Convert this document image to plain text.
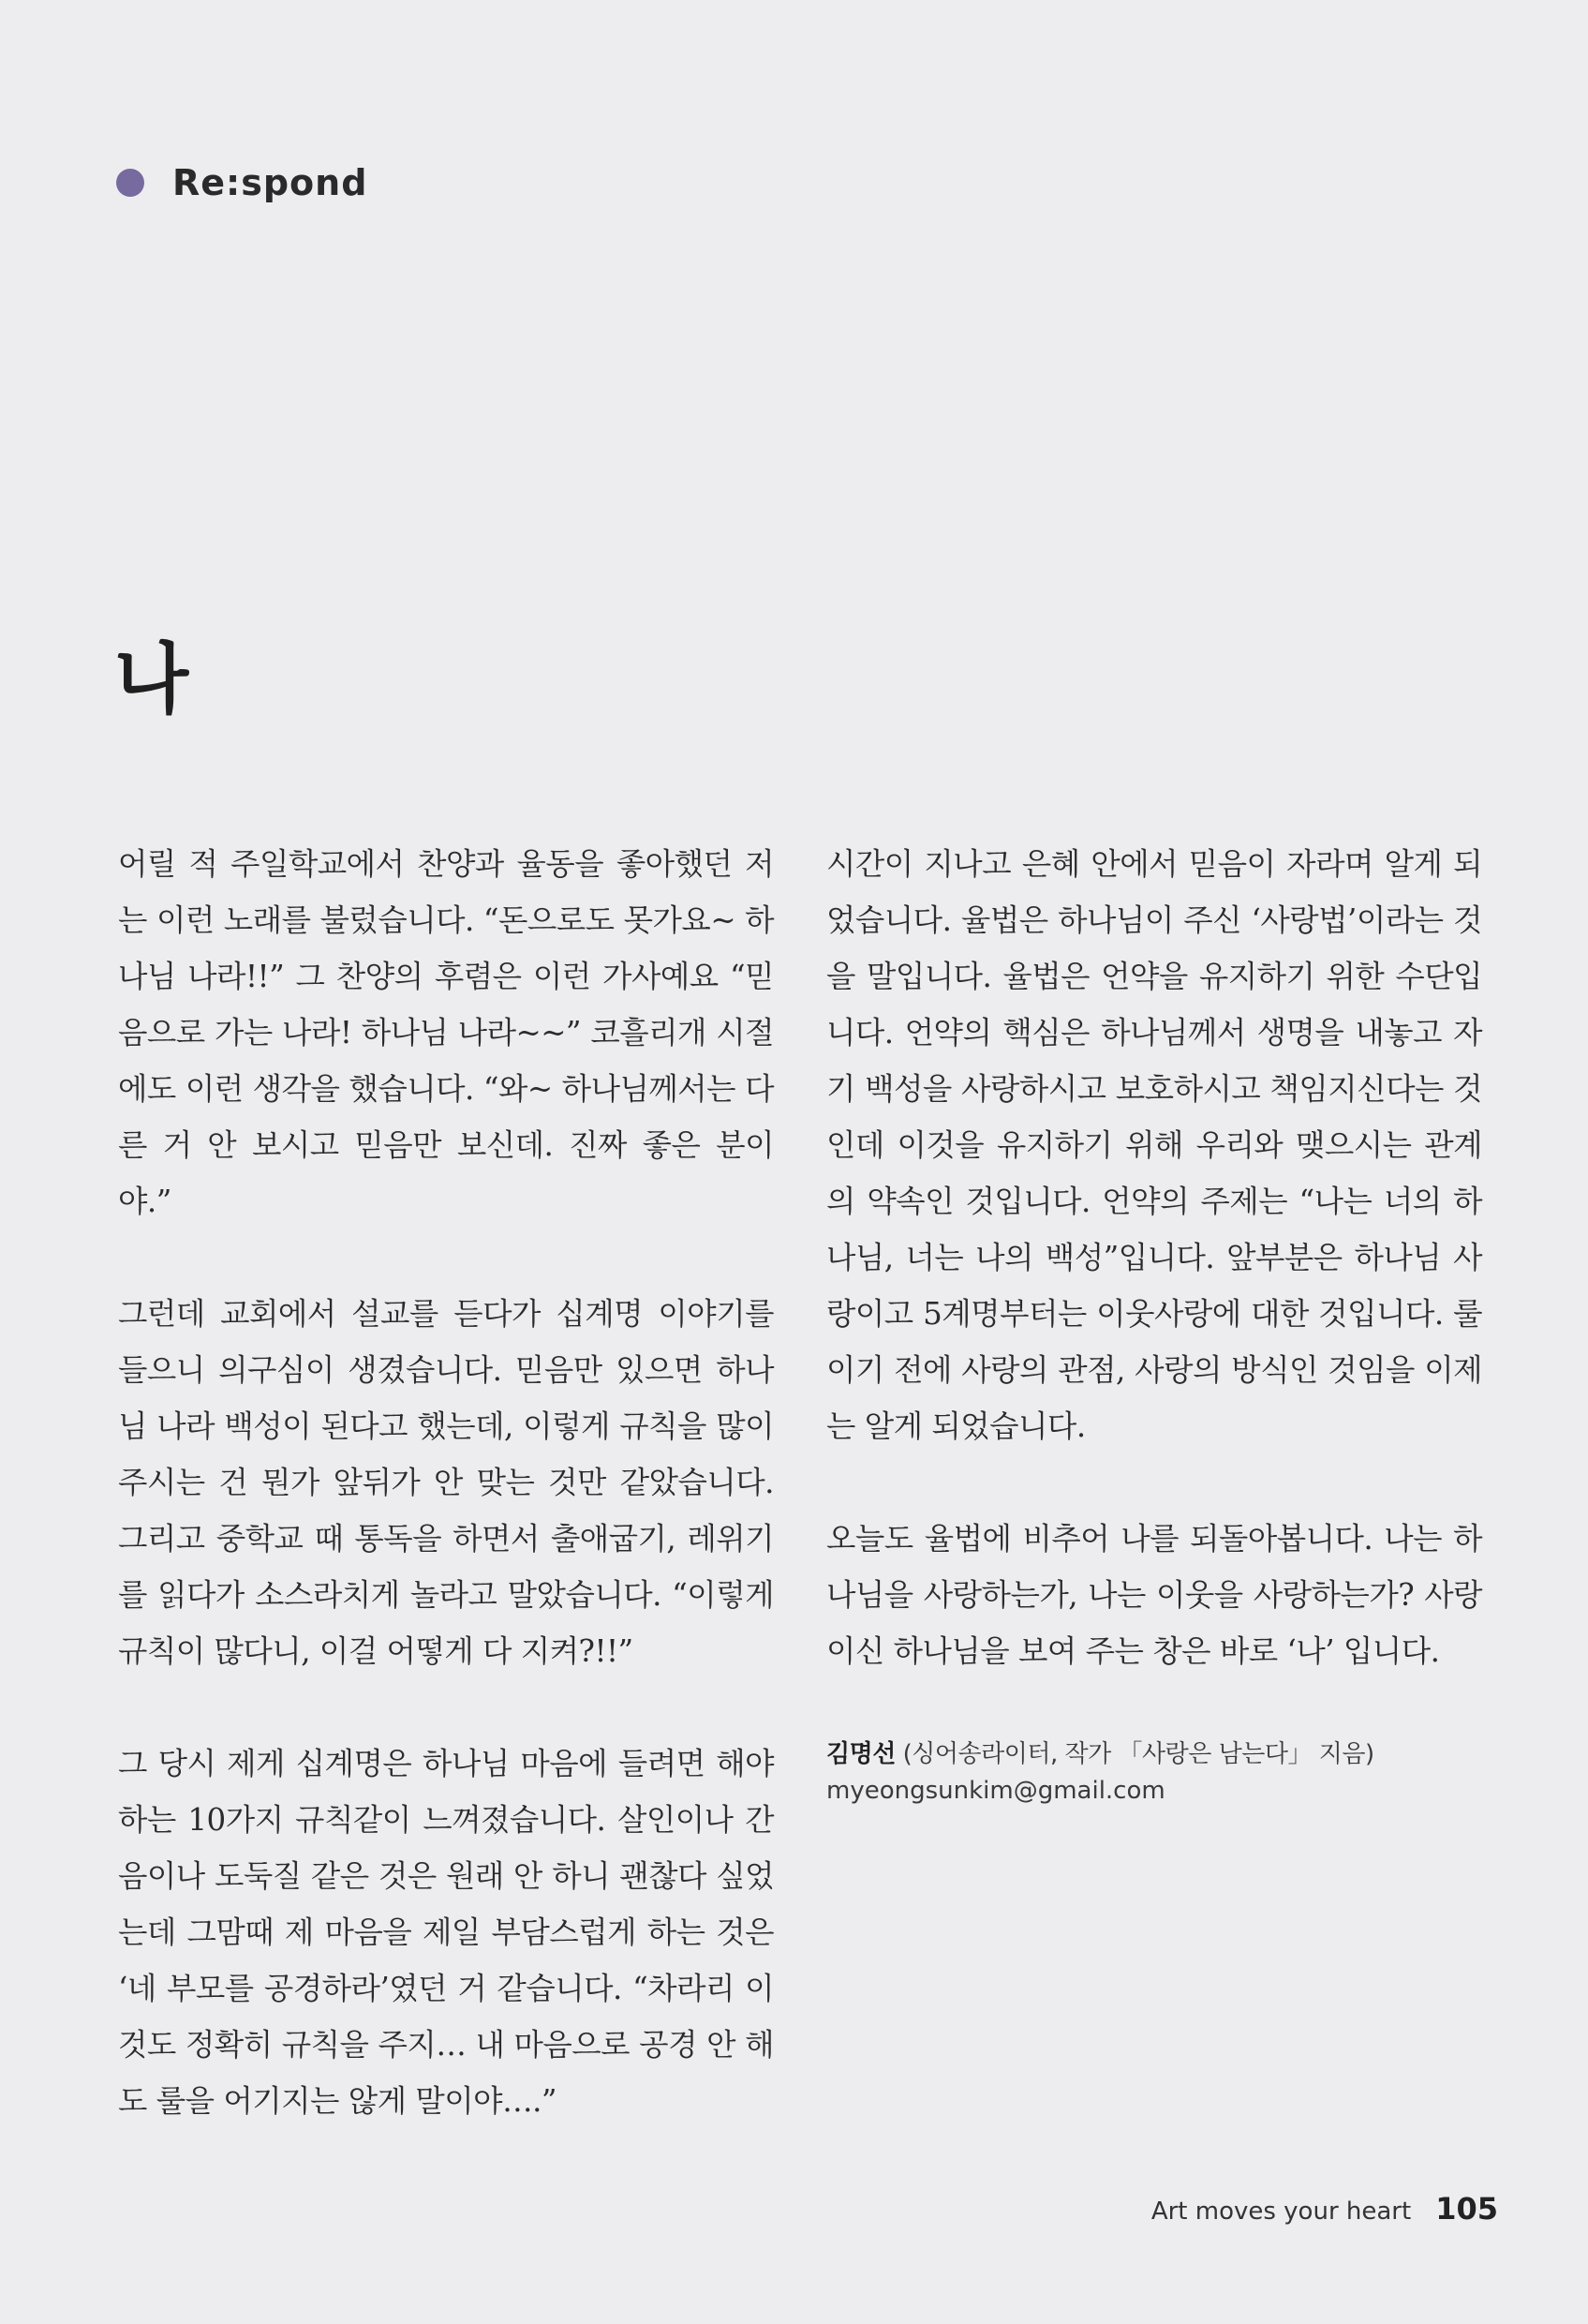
Re:spond
나

어릴 적 주일학교에서 찬양과 율동을 좋아했던 저는 이런 노래를 불렀습니다. “돈으로도 못가요~ 하나님 나라!!” 그 찬양의 후렴은 이런 가사예요 “믿음으로 가는 나라! 하나님 나라~~” 코흘리개 시절에도 이런 생각을 했습니다. “와~ 하나님께서는 다른 거 안 보시고 믿음만 보신데. 진짜 좋은 분이야.”

그런데 교회에서 설교를 듣다가 십계명 이야기를 들으니 의구심이 생겼습니다. 믿음만 있으면 하나님 나라 백성이 된다고 했는데, 이렇게 규칙을 많이 주시는 건 뭔가 앞뒤가 안 맞는 것만 같았습니다. 그리고 중학교 때 통독을 하면서 출애굽기, 레위기를 읽다가 소스라치게 놀라고 말았습니다. “이렇게 규칙이 많다니, 이걸 어떻게 다 지켜?!!”

그 당시 제게 십계명은 하나님 마음에 들려면 해야 하는 10가지 규칙같이 느껴졌습니다. 살인이나 간음이나 도둑질 같은 것은 원래 안 하니 괜찮다 싶었는데 그맘때 제 마음을 제일 부담스럽게 하는 것은 ‘네 부모를 공경하라’였던 거 같습니다. “차라리 이것도 정확히 규칙을 주지… 내 마음으로 공경 안 해도 룰을 어기지는 않게 말이야….”

시간이 지나고 은혜 안에서 믿음이 자라며 알게 되었습니다. 율법은 하나님이 주신 ‘사랑법’이라는 것을 말입니다. 율법은 언약을 유지하기 위한 수단입니다. 언약의 핵심은 하나님께서 생명을 내놓고 자기 백성을 사랑하시고 보호하시고 책임지신다는 것인데 이것을 유지하기 위해 우리와 맺으시는 관계의 약속인 것입니다. 언약의 주제는 “나는 너의 하나님, 너는 나의 백성”입니다. 앞부분은 하나님 사랑이고 5계명부터는 이웃사랑에 대한 것입니다. 룰이기 전에 사랑의 관점, 사랑의 방식인 것임을 이제는 알게 되었습니다.

오늘도 율법에 비추어 나를 되돌아봅니다. 나는 하나님을 사랑하는가, 나는 이웃을 사랑하는가? 사랑이신 하나님을 보여 주는 창은 바로 ‘나’ 입니다.

김명선 (싱어송라이터, 작가 「사랑은 남는다」 지음)
myeongsunkim@gmail.com
Art moves your heart 105
